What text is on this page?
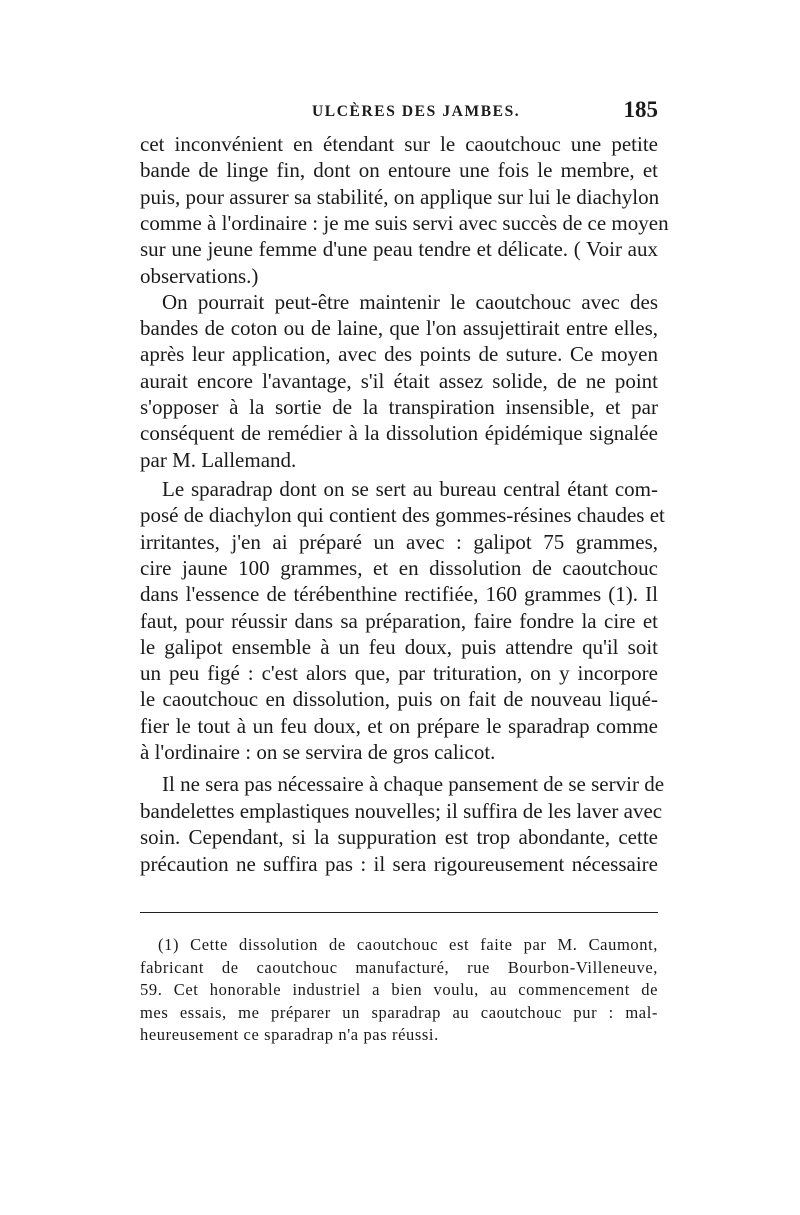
ULCÈRES DES JAMBES.	185
cet inconvénient en étendant sur le caoutchouc une petite
bande de linge fin, dont on entoure une fois le membre, et
puis, pour assurer sa stabilité, on applique sur lui le diachylon
comme à l'ordinaire : je me suis servi avec succès de ce moyen
sur une jeune femme d'une peau tendre et délicate. ( Voir aux
observations.)
On pourrait peut-être maintenir le caoutchouc avec des
bandes de coton ou de laine, que l'on assujettirait entre elles,
après leur application, avec des points de suture. Ce moyen
aurait encore l'avantage, s'il était assez solide, de ne point
s'opposer à la sortie de la transpiration insensible, et par
conséquent de remédier à la dissolution épidémique signalée
par M. Lallemand.
Le sparadrap dont on se sert au bureau central étant com-
posé de diachylon qui contient des gommes-résines chaudes et
irritantes, j'en ai préparé un avec : galipot 75 grammes,
cire jaune 100 grammes, et en dissolution de caoutchouc
dans l'essence de térébenthine rectifiée, 160 grammes (1). Il
faut, pour réussir dans sa préparation, faire fondre la cire et
le galipot ensemble à un feu doux, puis attendre qu'il soit
un peu figé : c'est alors que, par trituration, on y incorpore
le caoutchouc en dissolution, puis on fait de nouveau liqué-
fier le tout à un feu doux, et on prépare le sparadrap comme
à l'ordinaire : on se servira de gros calicot.
Il ne sera pas nécessaire à chaque pansement de se servir de
bandelettes emplastiques nouvelles; il suffira de les laver avec
soin. Cependant, si la suppuration est trop abondante, cette
précaution ne suffira pas : il sera rigoureusement nécessaire
(1) Cette dissolution de caoutchouc est faite par M. Caumont,
fabricant de caoutchouc manufacturé, rue Bourbon-Villeneuve,
59. Cet honorable industriel a bien voulu, au commencement de
mes essais, me préparer un sparadrap au caoutchouc pur : mal-
heureusement ce sparadrap n'a pas réussi.
